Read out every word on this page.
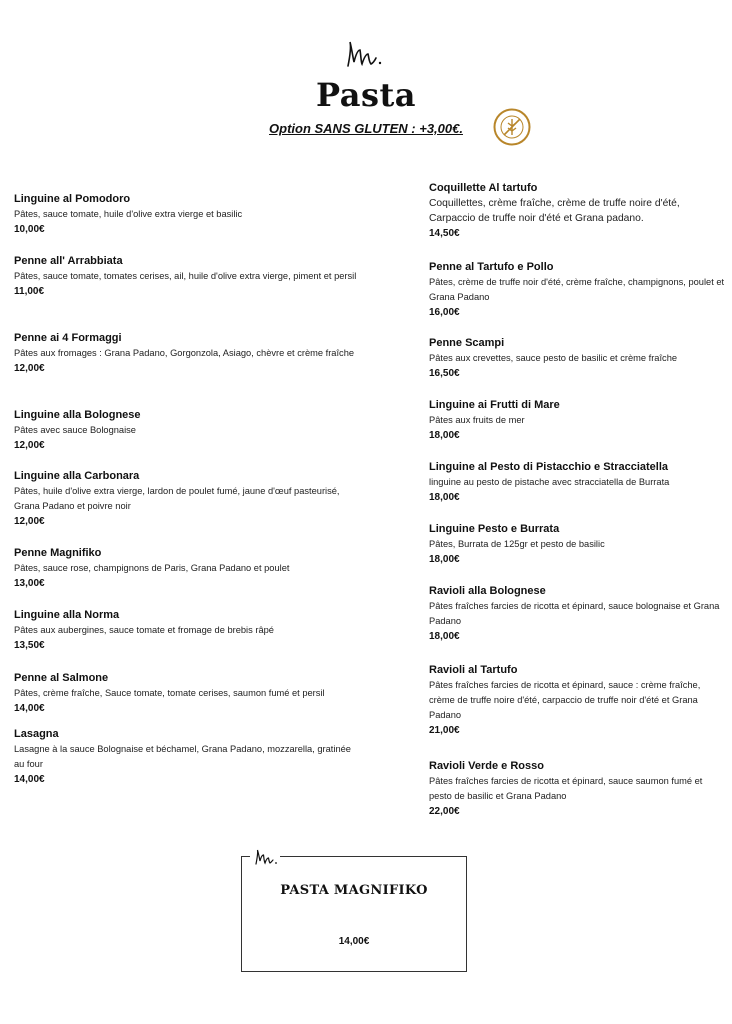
Pasta
Option SANS GLUTEN : +3,00€.
Linguine al Pomodoro
Pâtes, sauce tomate, huile d'olive extra vierge et basilic
10,00€
Penne all' Arrabbiata
Pâtes, sauce tomate, tomates cerises, ail, huile d'olive extra vierge, piment et persil
11,00€
Penne ai 4 Formaggi
Pâtes aux fromages : Grana Padano, Gorgonzola, Asiago, chèvre et crème fraîche
12,00€
Linguine alla Bolognese
Pâtes avec sauce Bolognaise
12,00€
Linguine alla Carbonara
Pâtes, huile d'olive extra vierge, lardon de poulet fumé, jaune d'œuf pasteurisé, Grana Padano et poivre noir
12,00€
Penne Magnifiko
Pâtes, sauce rose, champignons de Paris, Grana Padano et poulet
13,00€
Linguine alla Norma
Pâtes aux aubergines, sauce tomate et fromage de brebis râpé
13,50€
Penne al Salmone
Pâtes, crème fraîche, Sauce tomate, tomate cerises, saumon fumé et persil
14,00€
Lasagna
Lasagne à la sauce Bolognaise et béchamel, Grana Padano, mozzarella, gratinée au four
14,00€
Coquillette Al tartufo
Coquillettes, crème fraîche, crème de truffe noire d'été, Carpaccio de truffe noir d'été et Grana padano.
14,50€
Penne al Tartufo e Pollo
Pâtes, crème de truffe noir d'été, crème fraîche, champignons, poulet et Grana Padano
16,00€
Penne Scampi
Pâtes aux crevettes, sauce pesto de basilic et crème fraîche
16,50€
Linguine ai Frutti di Mare
Pâtes aux fruits de mer
18,00€
Linguine al Pesto di Pistacchio e Stracciatella
linguine au pesto de pistache avec stracciatella de Burrata
18,00€
Linguine Pesto e Burrata
Pâtes, Burrata de 125gr et pesto de basilic
18,00€
Ravioli alla Bolognese
Pâtes fraîches farcies de ricotta et épinard, sauce bolognaise et Grana Padano
18,00€
Ravioli al Tartufo
Pâtes fraîches farcies de ricotta et épinard, sauce : crème fraîche, crème de truffe noire d'été, carpaccio de truffe noir d'été et Grana Padano
21,00€
Ravioli Verde e Rosso
Pâtes fraîches farcies de ricotta et épinard, sauce saumon fumé et pesto de basilic et Grana Padano
22,00€
PASTA MAGNIFIKO
14,00€
